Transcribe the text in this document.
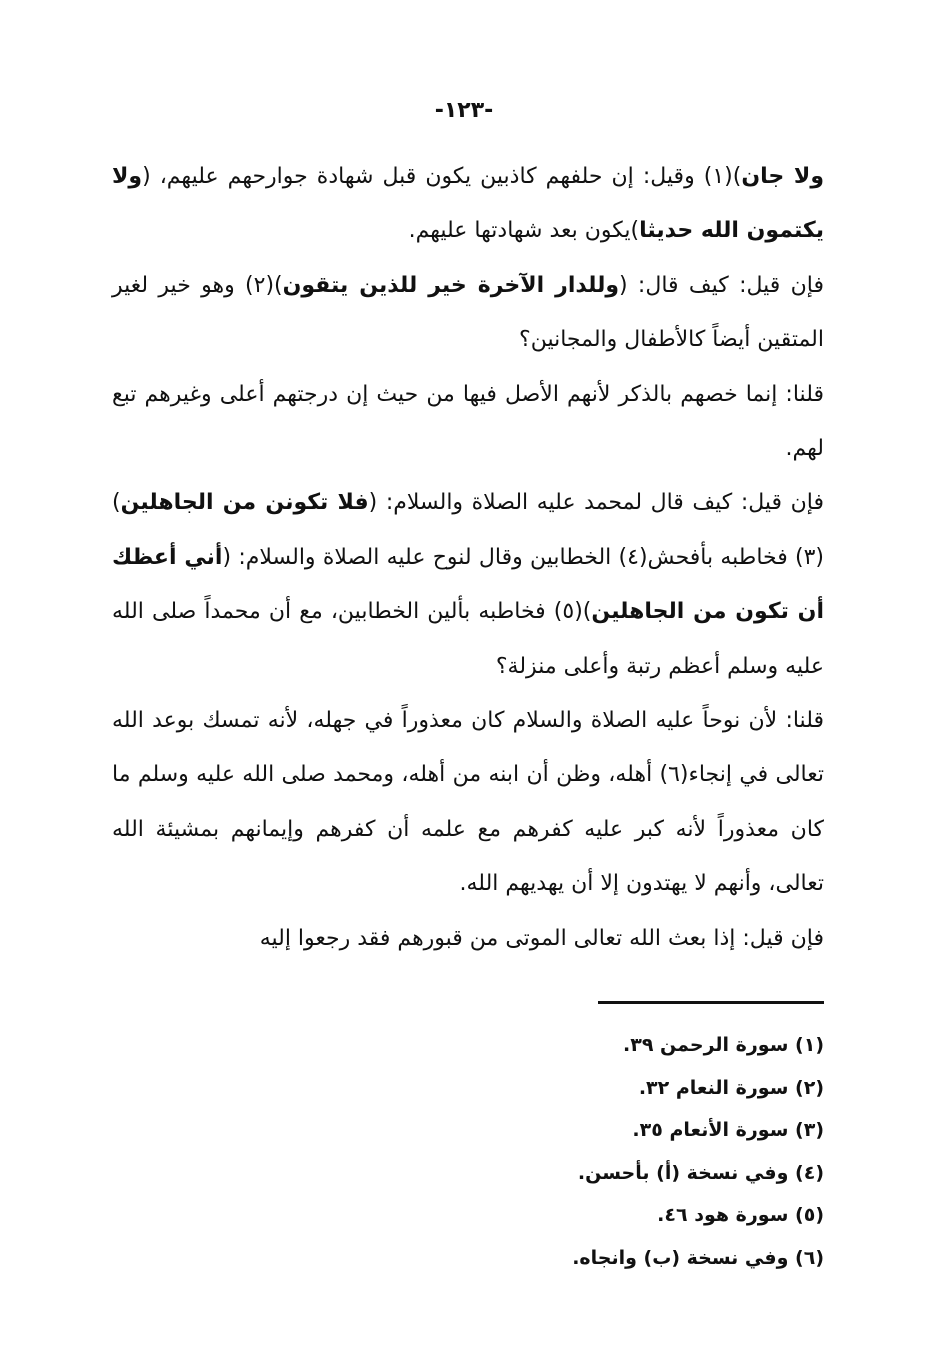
-١٢٣-

ولا جان)(١) وقيل: إن حلفهم كاذبين يكون قبل شهادة جوارحهم عليهم، (ولا يكتمون الله حديثا)يكون بعد شهادتها عليهم.

فإن قيل: كيف قال: (وللدار الآخرة خير للذين يتقون)(٢) وهو خير لغير المتقين أيضاً كالأطفال والمجانين؟

قلنا: إنما خصهم بالذكر لأنهم الأصل فيها من حيث إن درجتهم أعلى وغيرهم تبع لهم.

فإن قيل: كيف قال لمحمد عليه الصلاة والسلام: (فلا تكونن من الجاهلين)(٣) فخاطبه بأفحش(٤) الخطابين وقال لنوح عليه الصلاة والسلام: (أني أعظك أن تكون من الجاهلين)(٥) فخاطبه بألين الخطابين، مع أن محمداً صلى الله عليه وسلم أعظم رتبة وأعلى منزلة؟

قلنا: لأن نوحاً عليه الصلاة والسلام كان معذوراً في جهله، لأنه تمسك بوعد الله تعالى في إنجاء(٦) أهله، وظن أن ابنه من أهله، ومحمد صلى الله عليه وسلم ما كان معذوراً لأنه كبر عليه كفرهم مع علمه أن كفرهم وإيمانهم بمشيئة الله تعالى، وأنهم لا يهتدون إلا أن يهديهم الله.

فإن قيل: إذا بعث الله تعالى الموتى من قبورهم فقد رجعوا إليه

(١) سورة الرحمن ٣٩.
(٢) سورة النعام ٣٢.
(٣) سورة الأنعام ٣٥.
(٤) وفي نسخة (أ) بأحسن.
(٥) سورة هود ٤٦.
(٦) وفي نسخة (ب) وانجاه.
